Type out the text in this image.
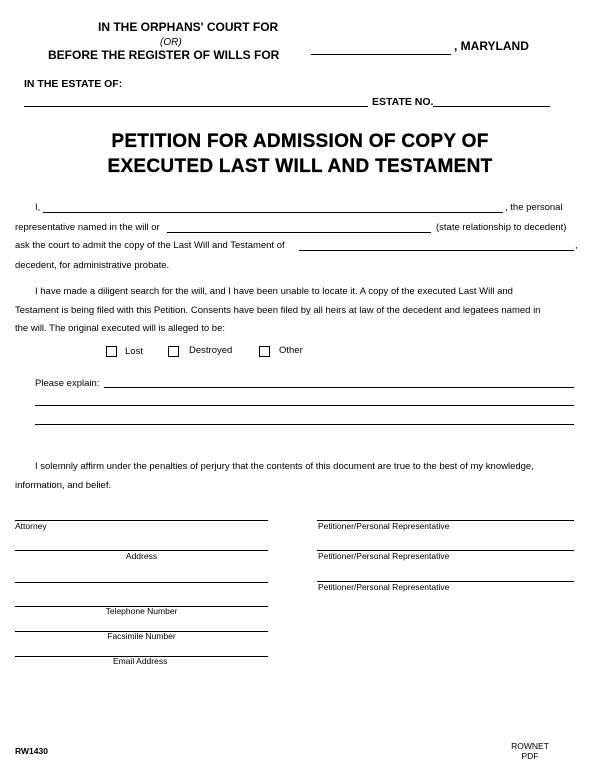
IN THE ORPHANS' COURT FOR
(OR)
BEFORE THE REGISTER OF WILLS FOR
, MARYLAND
IN THE ESTATE OF:
ESTATE NO.
PETITION FOR ADMISSION OF COPY OF
EXECUTED LAST WILL AND TESTAMENT
I,	, the personal
representative named in the will or	(state relationship to decedent)
ask the court to admit the copy of the Last Will and Testament of	,
decedent, for administrative probate.
I have made a diligent search for the will, and I have been unable to locate it. A copy of the executed Last Will and
Testament is being filed with this Petition. Consents have been filed by all heirs at law of the decedent and legatees named in
the will. The original executed will is alleged to be:
Lost	Destroyed	Other
Please explain:
I solemnly affirm under the penalties of perjury that the contents of this document are true to the best of my knowledge,
information, and belief.
Attorney
Address
Telephone Number
Facsimile Number
Email Address
Petitioner/Personal Representative
Petitioner/Personal Representative
Petitioner/Personal Representative
RW1430	ROWNET
PDF
